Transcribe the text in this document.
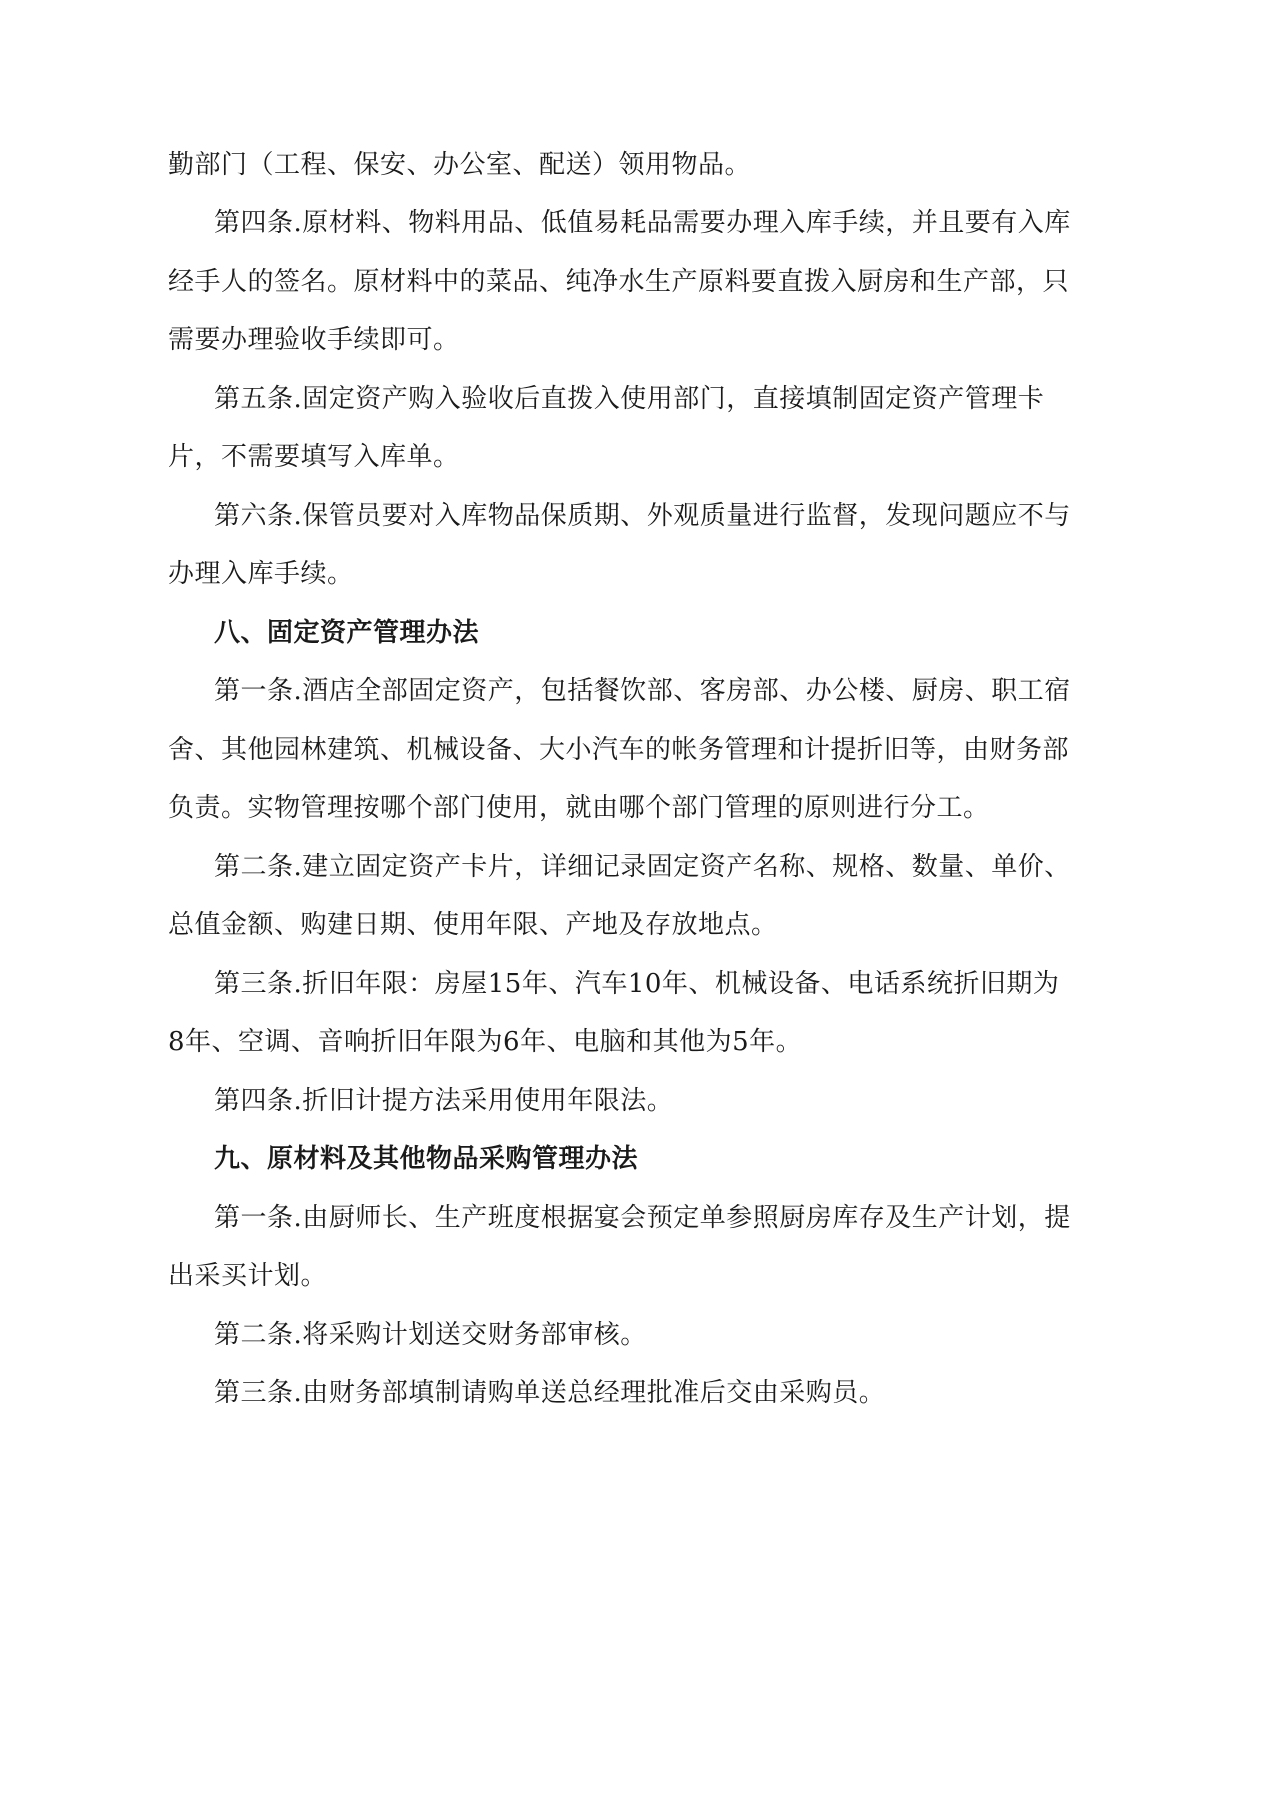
勤部门（工程、保安、办公室、配送）领用物品。
第四条.原材料、物料用品、低值易耗品需要办理入库手续，并且要有入库
经手人的签名。原材料中的菜品、纯净水生产原料要直拨入厨房和生产部，只
需要办理验收手续即可。
第五条.固定资产购入验收后直拨入使用部门，直接填制固定资产管理卡
片，不需要填写入库单。
第六条.保管员要对入库物品保质期、外观质量进行监督，发现问题应不与
办理入库手续。
八、固定资产管理办法
第一条.酒店全部固定资产，包括餐饮部、客房部、办公楼、厨房、职工宿
舍、其他园林建筑、机械设备、大小汽车的帐务管理和计提折旧等，由财务部
负责。实物管理按哪个部门使用，就由哪个部门管理的原则进行分工。
第二条.建立固定资产卡片，详细记录固定资产名称、规格、数量、单价、
总值金额、购建日期、使用年限、产地及存放地点。
第三条.折旧年限：房屋15年、汽车10年、机械设备、电话系统折旧期为
8年、空调、音响折旧年限为6年、电脑和其他为5年。
第四条.折旧计提方法采用使用年限法。
九、原材料及其他物品采购管理办法
第一条.由厨师长、生产班度根据宴会预定单参照厨房库存及生产计划，提
出采买计划。
第二条.将采购计划送交财务部审核。
第三条.由财务部填制请购单送总经理批准后交由采购员。
